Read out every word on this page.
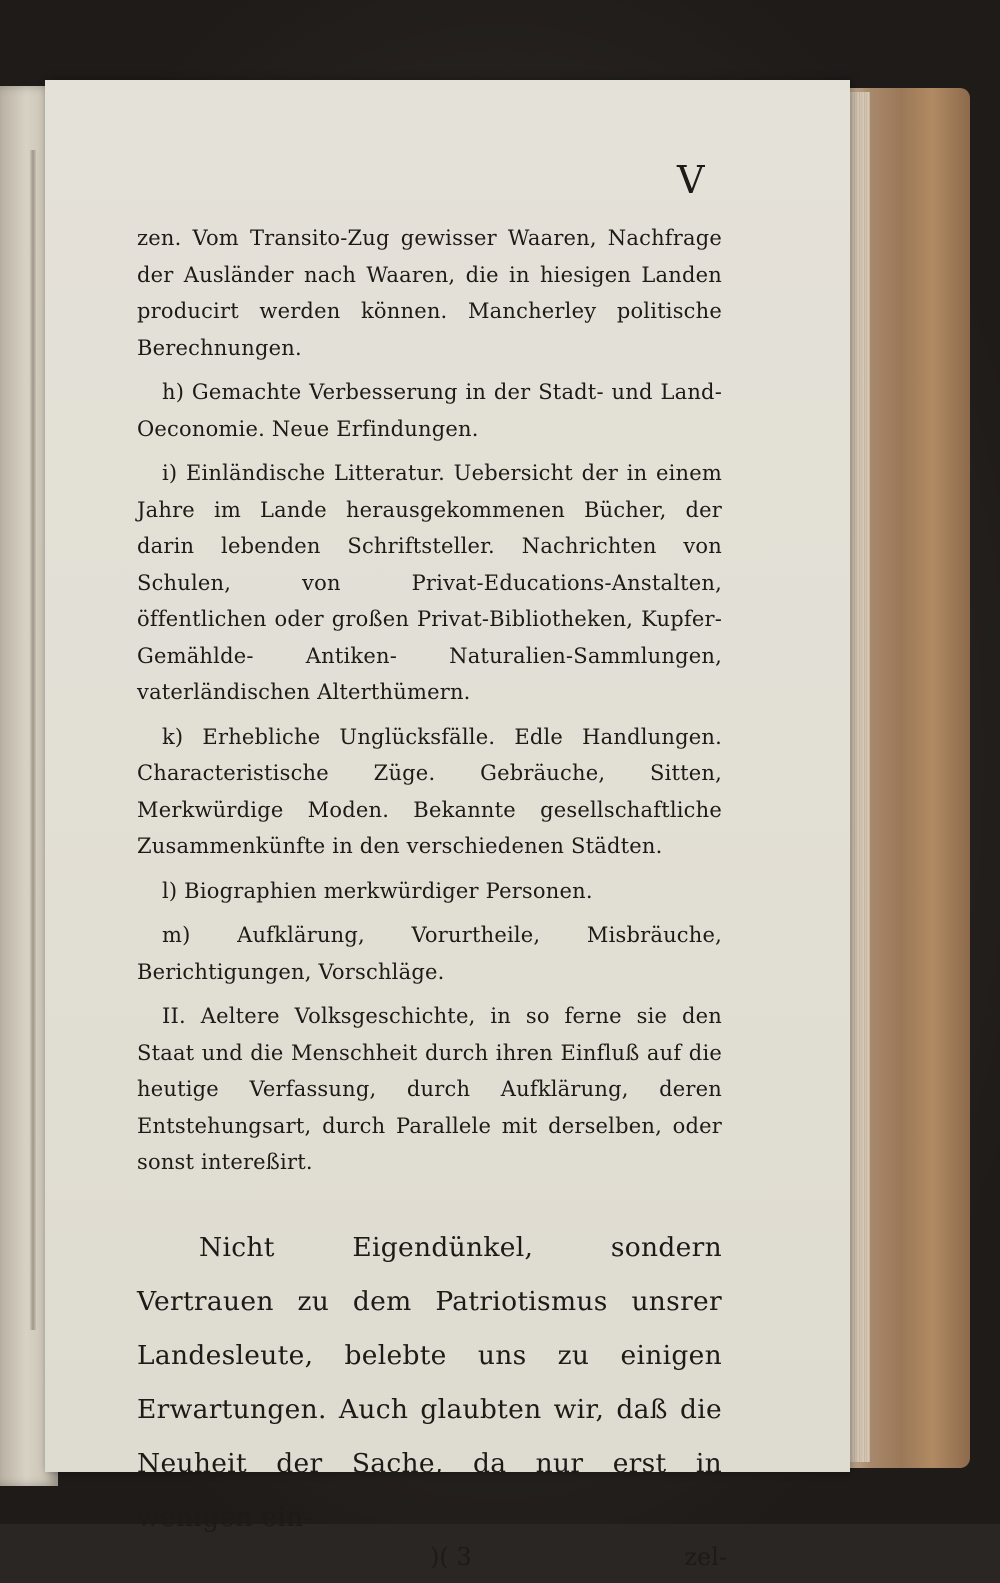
V

zen. Vom Transito-Zug gewisser Waaren, Nachfrage der Ausländer nach Waaren, die in hiesigen Landen producirt werden können. Mancherley politische Berechnungen.

h) Gemachte Verbesserung in der Stadt- und Land-Oeconomie. Neue Erfindungen.

i) Einländische Litteratur. Uebersicht der in einem Jahre im Lande herausgekommenen Bücher, der darin lebenden Schriftsteller. Nachrichten von Schulen, von Privat-Educations-Anstalten, öffentlichen oder großen Privat-Bibliotheken, Kupfer- Gemählde- Antiken- Naturalien-Sammlungen, vaterländischen Alterthümern.

k) Erhebliche Unglücksfälle. Edle Handlungen. Characteristische Züge. Gebräuche, Sitten, Merkwürdige Moden. Bekannte gesellschaftliche Zusammenkünfte in den verschiedenen Städten.

l) Biographien merkwürdiger Personen.

m) Aufklärung, Vorurtheile, Misbräuche, Berichtigungen, Vorschläge.

II. Aeltere Volksgeschichte, in so ferne sie den Staat und die Menschheit durch ihren Einfluß auf die heutige Verfassung, durch Aufklärung, deren Entstehungsart, durch Parallele mit derselben, oder sonst intereßirt.

Nicht Eigendünkel, sondern Vertrauen zu dem Patriotismus unsrer Landesleute, belebte uns zu einigen Erwartungen. Auch glaubten wir, daß die Neuheit der Sache, da nur erst in wenigen ein-

)( 3	zel-
